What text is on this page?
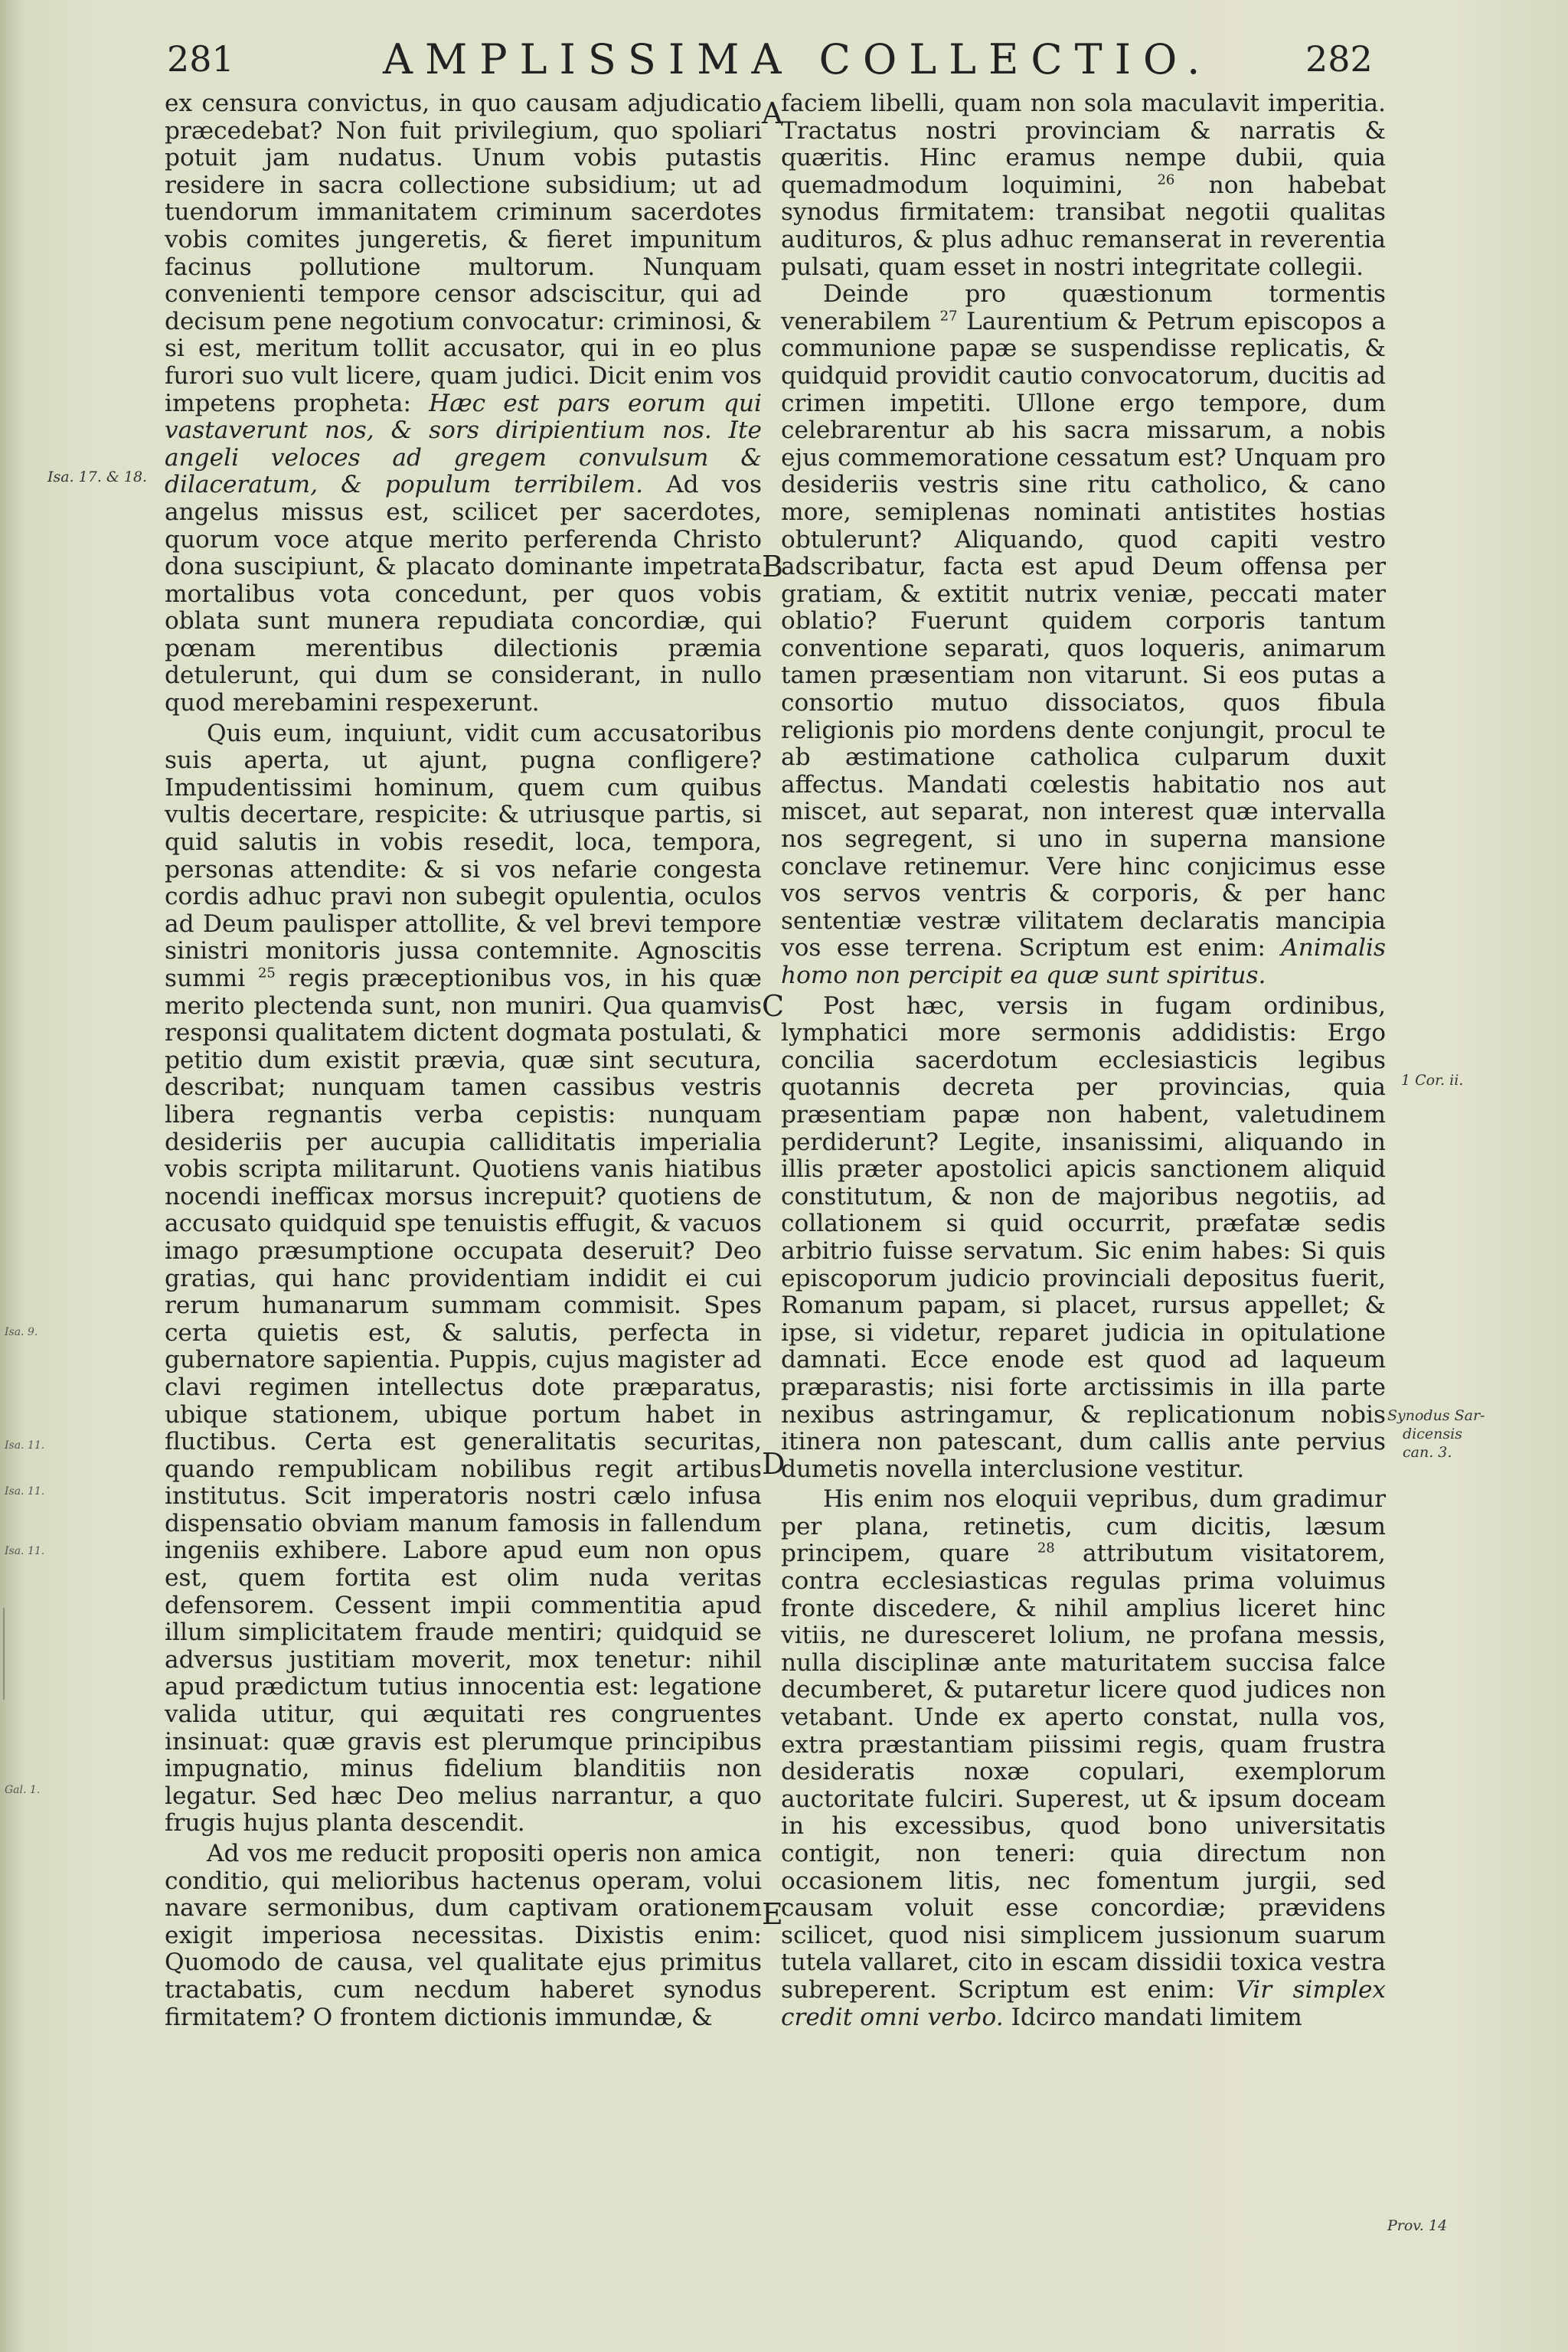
281	AMPLISSIMA COLLECTIO.	282
A
B
C
D
E
Isa. 17. & 18.
1 Cor. ii.
Synodus Sar-
dicensis
can. 3.
Prov. 14
Isa. 9.
Isa. 11.
Isa. 11.
Isa. 11.
Gal. 1.

ex censura convictus, in quo causam adjudicatio præcedebat? Non fuit privilegium, quo spoliari potuit jam nudatus. Unum vobis putastis residere in sacra collectione subsidium; ut ad tuendorum immanitatem criminum sacerdotes vobis comites jungeretis, & fieret impunitum facinus pollutione multorum. Nunquam convenienti tempore censor adsciscitur, qui ad decisum pene negotium convocatur: criminosi, & si est, meritum tollit accusator, qui in eo plus furori suo vult licere, quam judici. Dicit enim vos impetens propheta: Hæc est pars eorum qui vastaverunt nos, & sors diripientium nos. Ite angeli veloces ad gregem convulsum & dilaceratum, & populum terribilem. Ad vos angelus missus est, scilicet per sacerdotes, quorum voce atque merito perferenda Christo dona suscipiunt, & placato dominante impetrata mortalibus vota concedunt, per quos vobis oblata sunt munera repudiata concordiæ, qui pœnam merentibus dilectionis præmia detulerunt, qui dum se considerant, in nullo quod merebamini respexerunt.

Quis eum, inquiunt, vidit cum accusatoribus suis aperta, ut ajunt, pugna confligere? Impudentissimi hominum, quem cum quibus vultis decertare, respicite: & utriusque partis, si quid salutis in vobis resedit, loca, tempora, personas attendite: & si vos nefarie congesta cordis adhuc pravi non subegit opulentia, oculos ad Deum paulisper attollite, & vel brevi tempore sinistri monitoris jussa contemnite. Agnoscitis summi $^{25}$ regis præceptionibus vos, in his quæ merito plectenda sunt, non muniri. Qua quamvis responsi qualitatem dictent dogmata postulati, & petitio dum existit prævia, quæ sint secutura, describat; nunquam tamen cassibus vestris libera regnantis verba cepistis: nunquam desideriis per aucupia calliditatis imperialia vobis scripta militarunt. Quotiens vanis hiatibus nocendi inefficax morsus increpuit? quotiens de accusato quidquid spe tenuistis effugit, & vacuos imago præsumptione occupata deseruit? Deo gratias, qui hanc providentiam indidit ei cui rerum humanarum summam commisit. Spes certa quietis est, & salutis, perfecta in gubernatore sapientia. Puppis, cujus magister ad clavi regimen intellectus dote præparatus, ubique stationem, ubique portum habet in fluctibus. Certa est generalitatis securitas, quando rempublicam nobilibus regit artibus institutus. Scit imperatoris nostri cælo infusa dispensatio obviam manum famosis in fallendum ingeniis exhibere. Labore apud eum non opus est, quem fortita est olim nuda veritas defensorem. Cessent impii commentitia apud illum simplicitatem fraude mentiri; quidquid se adversus justitiam moverit, mox tenetur: nihil apud prædictum tutius innocentia est: legatione valida utitur, qui æquitati res congruentes insinuat: quæ gravis est plerumque principibus impugnatio, minus fidelium blanditiis non legatur. Sed hæc Deo melius narrantur, a quo frugis hujus planta descendit.

Ad vos me reducit propositi operis non amica conditio, qui melioribus hactenus operam, volui navare sermonibus, dum captivam orationem exigit imperiosa necessitas. Dixistis enim: Quomodo de causa, vel qualitate ejus primitus tractabatis, cum necdum haberet synodus firmitatem? O frontem dictionis immundæ, &

faciem libelli, quam non sola maculavit imperitia. Tractatus nostri provinciam & narratis & quæritis. Hinc eramus nempe dubii, quia quemadmodum loquimini, $^{26}$ non habebat synodus firmitatem: transibat negotii qualitas audituros, & plus adhuc remanserat in reverentia pulsati, quam esset in nostri integritate collegii.

Deinde pro quæstionum tormentis venerabilem $^{27}$ Laurentium & Petrum episcopos a communione papæ se suspendisse replicatis, & quidquid providit cautio convocatorum, ducitis ad crimen impetiti. Ullone ergo tempore, dum celebrarentur ab his sacra missarum, a nobis ejus commemoratione cessatum est? Unquam pro desideriis vestris sine ritu catholico, & cano more, semiplenas nominati antistites hostias obtulerunt? Aliquando, quod capiti vestro adscribatur, facta est apud Deum offensa per gratiam, & extitit nutrix veniæ, peccati mater oblatio? Fuerunt quidem corporis tantum conventione separati, quos loqueris, animarum tamen præsentiam non vitarunt. Si eos putas a consortio mutuo dissociatos, quos fibula religionis pio mordens dente conjungit, procul te ab æstimatione catholica culparum duxit affectus. Mandati cœlestis habitatio nos aut miscet, aut separat, non interest quæ intervalla nos segregent, si uno in superna mansione conclave retinemur. Vere hinc conjicimus esse vos servos ventris & corporis, & per hanc sententiæ vestræ vilitatem declaratis mancipia vos esse terrena. Scriptum est enim: Animalis homo non percipit ea quæ sunt spiritus.

Post hæc, versis in fugam ordinibus, lymphatici more sermonis addidistis: Ergo concilia sacerdotum ecclesiasticis legibus quotannis decreta per provincias, quia præsentiam papæ non habent, valetudinem perdiderunt? Legite, insanissimi, aliquando in illis præter apostolici apicis sanctionem aliquid constitutum, & non de majoribus negotiis, ad collationem si quid occurrit, præfatæ sedis arbitrio fuisse servatum. Sic enim habes: Si quis episcoporum judicio provinciali depositus fuerit, Romanum papam, si placet, rursus appellet; & ipse, si videtur, reparet judicia in opitulatione damnati. Ecce enode est quod ad laqueum præparastis; nisi forte arctissimis in illa parte nexibus astringamur, & replicationum nobis itinera non patescant, dum callis ante pervius dumetis novella interclusione vestitur.

His enim nos eloquii vepribus, dum gradimur per plana, retinetis, cum dicitis, læsum principem, quare $^{28}$ attributum visitatorem, contra ecclesiasticas regulas prima voluimus fronte discedere, & nihil amplius liceret hinc vitiis, ne duresceret lolium, ne profana messis, nulla disciplinæ ante maturitatem succisa falce decumberet, & putaretur licere quod judices non vetabant. Unde ex aperto constat, nulla vos, extra præstantiam piissimi regis, quam frustra desideratis noxæ copulari, exemplorum auctoritate fulciri. Superest, ut & ipsum doceam in his excessibus, quod bono universitatis contigit, non teneri: quia directum non occasionem litis, nec fomentum jurgii, sed causam voluit esse concordiæ; prævidens scilicet, quod nisi simplicem jussionum suarum tutela vallaret, cito in escam dissidii toxica vestra subreperent. Scriptum est enim: Vir simplex credit omni verbo. Idcirco mandati limitem
